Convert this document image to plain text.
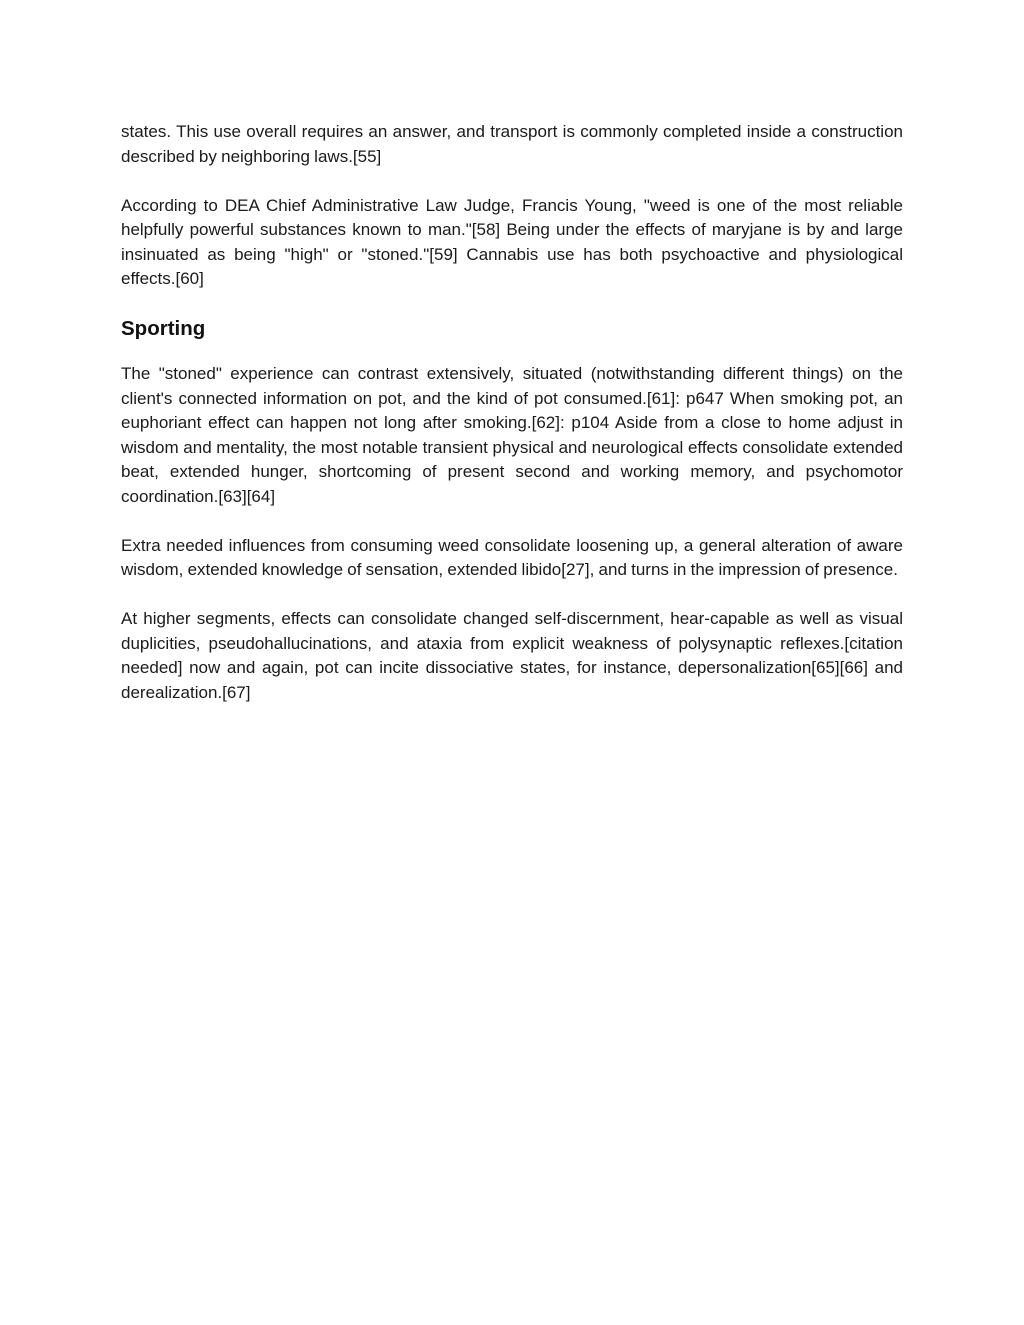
states. This use overall requires an answer, and transport is commonly completed inside a construction described by neighboring laws.[55]

According to DEA Chief Administrative Law Judge, Francis Young, "weed is one of the most reliable helpfully powerful substances known to man."[58] Being under the effects of maryjane is by and large insinuated as being "high" or "stoned."[59] Cannabis use has both psychoactive and physiological effects.[60]

Sporting

The "stoned" experience can contrast extensively, situated (notwithstanding different things) on the client's connected information on pot, and the kind of pot consumed.[61]: p647 When smoking pot, an euphoriant effect can happen not long after smoking.[62]: p104 Aside from a close to home adjust in wisdom and mentality, the most notable transient physical and neurological effects consolidate extended beat, extended hunger, shortcoming of present second and working memory, and psychomotor coordination.[63][64]

Extra needed influences from consuming weed consolidate loosening up, a general alteration of aware wisdom, extended knowledge of sensation, extended libido[27], and turns in the impression of presence.

At higher segments, effects can consolidate changed self-discernment, hear-capable as well as visual duplicities, pseudohallucinations, and ataxia from explicit weakness of polysynaptic reflexes.[citation needed] now and again, pot can incite dissociative states, for instance, depersonalization[65][66] and derealization.[67]
